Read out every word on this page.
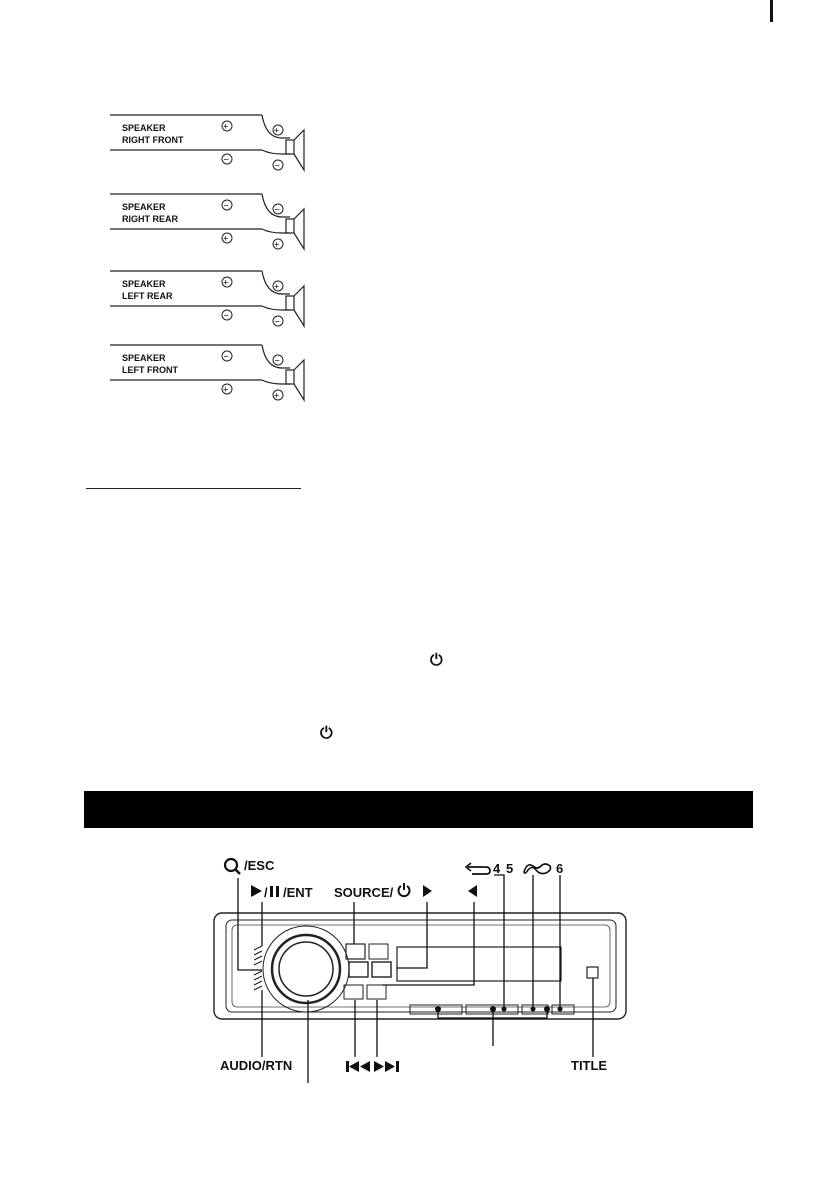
SPEAKER
RIGHT FRONT
+
−
+
−
SPEAKER
RIGHT REAR
−
+
−
+
SPEAKER
LEFT REAR
+
−
+
−
SPEAKER
LEFT FRONT
−
+
−
+
/ESC
/ /ENT SOURCE/
4 5	6
AUDIO/RTN	TITLE
⏻
⏻
